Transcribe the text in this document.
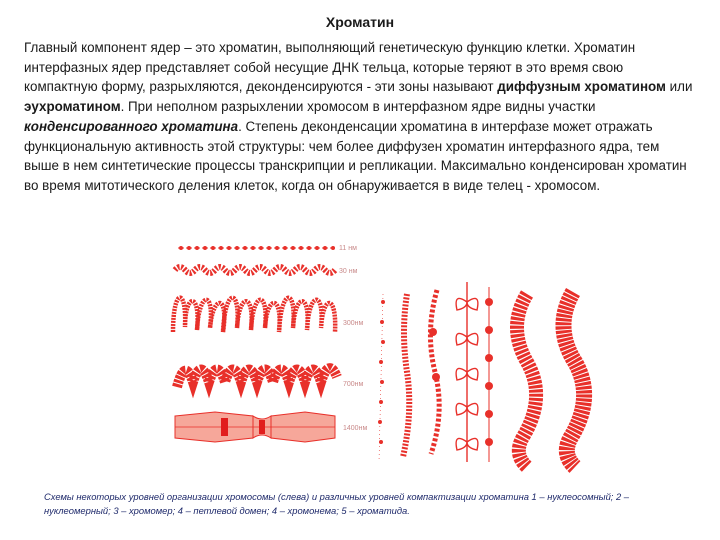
Хроматин
Главный компонент ядер – это хроматин, выполняющий генетическую функцию клетки. Хроматин интерфазных ядер представляет собой несущие ДНК тельца, которые теряют в это время свою компактную форму, разрыхляются, деконденсируются - эти зоны называют диффузным хроматином или эухроматином. При неполном разрыхлении хромосом в интерфазном ядре видны участки конденсированного хроматина. Степень деконденсации хроматина в интерфазе может отражать функциональную активность этой структуры: чем более диффузен хроматин интерфазного ядра, тем выше в нем синтетические процессы транскрипции и репликации. Максимально конденсирован хроматин во время митотического деления клеток, когда он обнаруживается в виде телец - хромосом.
11 нм
30 нм
300нм
700нм
1400нм
Схемы некоторых уровней организации хромосомы (слева) и различных уровней компактизации хроматина 1 – нуклеосомный; 2 – нуклеомерный; 3 – хромомер; 4 – петлевой домен; 4 – хромонема; 5 – хроматида.
